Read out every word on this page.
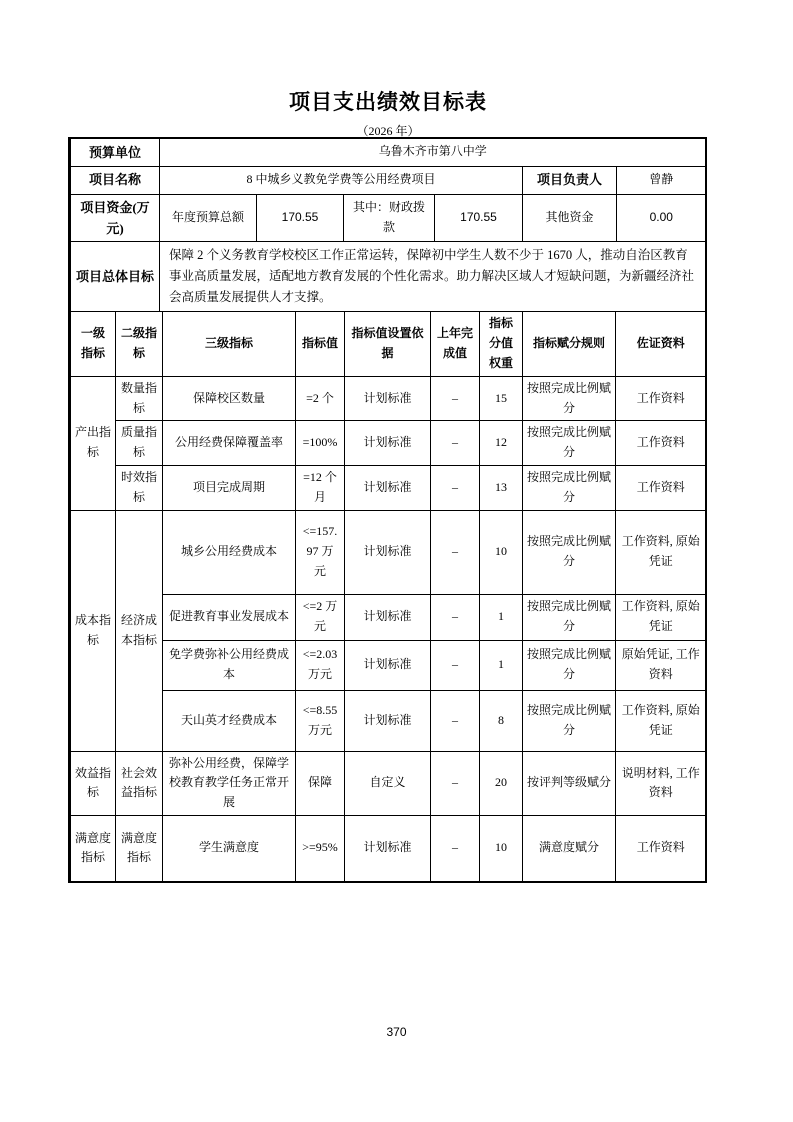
项目支出绩效目标表
（2026 年）
预算单位	乌鲁木齐市第八中学					
项目名称	8 中城乡义教免学费等公用经费项目				项目负责人	曾静
项目资金(万元)	年度预算总额	170.55	其中：财政拨款	170.55	其他资金	0.00
项目总体目标	保障 2 个义务教育学校校区工作正常运转，保障初中学生人数不少于 1670 人，推动自治区教育事业高质量发展，适配地方教育发展的个性化需求。助力解决区域人才短缺问题，为新疆经济社会高质量发展提供人才支撑。					
一级指标	二级指标	三级指标	指标值	指标值设置依据	上年完成值	指标分值权重	指标赋分规则	佐证资料
产出指标	数量指标	保障校区数量	=2 个	计划标准	–	15	按照完成比例赋分	工作资料
	质量指标	公用经费保障覆盖率	=100%	计划标准	–	12	按照完成比例赋分	工作资料
	时效指标	项目完成周期	=12 个月	计划标准	–	13	按照完成比例赋分	工作资料
成本指标	经济成本指标	城乡公用经费成本	<=157.97 万元	计划标准	–	10	按照完成比例赋分	工作资料, 原始凭证
		促进教育事业发展成本	<=2 万元	计划标准	–	1	按照完成比例赋分	工作资料, 原始凭证
		免学费弥补公用经费成本	<=2.03 万元	计划标准	–	1	按照完成比例赋分	原始凭证, 工作资料
		天山英才经费成本	<=8.55 万元	计划标准	–	8	按照完成比例赋分	工作资料, 原始凭证
效益指标	社会效益指标	弥补公用经费，保障学校教育教学任务正常开展	保障	自定义	–	20	按评判等级赋分	说明材料, 工作资料
满意度指标	满意度指标	学生满意度	>=95%	计划标准	–	10	满意度赋分	工作资料
370
